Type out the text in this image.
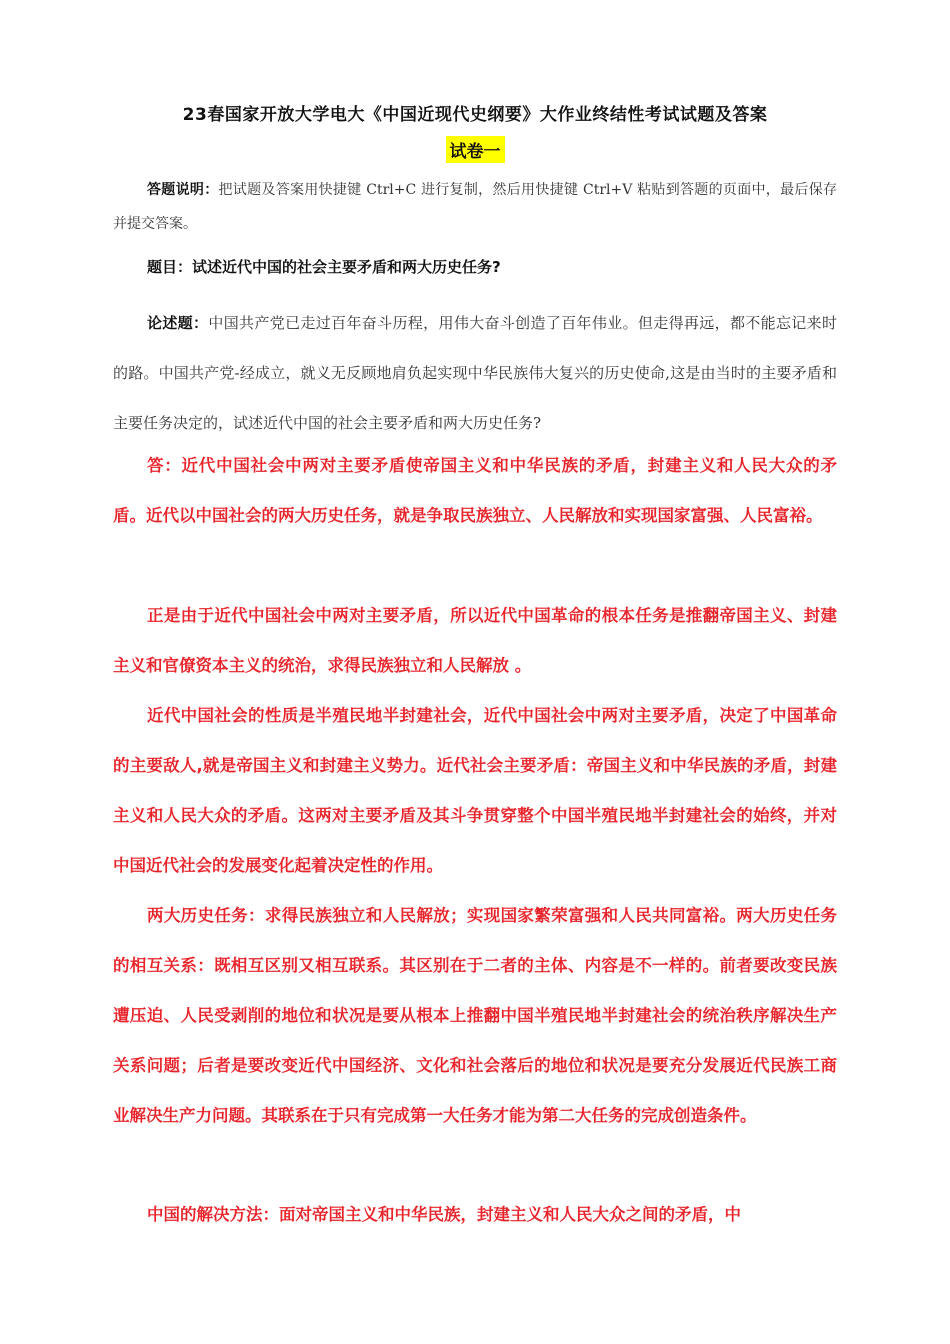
23春国家开放大学电大《中国近现代史纲要》大作业终结性考试试题及答案
试卷一

答题说明：把试题及答案用快捷键 Ctrl+C 进行复制，然后用快捷键 Ctrl+V 粘贴到答题的页面中，最后保存并提交答案。

题目：试述近代中国的社会主要矛盾和两大历史任务?

论述题：中国共产党已走过百年奋斗历程，用伟大奋斗创造了百年伟业。但走得再远，都不能忘记来时的路。中国共产党-经成立，就义无反顾地肩负起实现中华民族伟大复兴的历史使命,这是由当时的主要矛盾和主要任务决定的，试述近代中国的社会主要矛盾和两大历史任务?

答：近代中国社会中两对主要矛盾使帝国主义和中华民族的矛盾，封建主义和人民大众的矛盾。近代以中国社会的两大历史任务，就是争取民族独立、人民解放和实现国家富强、人民富裕。

正是由于近代中国社会中两对主要矛盾，所以近代中国革命的根本任务是推翻帝国主义、封建主义和官僚资本主义的统治，求得民族独立和人民解放 。

近代中国社会的性质是半殖民地半封建社会，近代中国社会中两对主要矛盾，决定了中国革命的主要敌人,就是帝国主义和封建主义势力。近代社会主要矛盾：帝国主义和中华民族的矛盾，封建主义和人民大众的矛盾。这两对主要矛盾及其斗争贯穿整个中国半殖民地半封建社会的始终，并对中国近代社会的发展变化起着决定性的作用。

两大历史任务：求得民族独立和人民解放；实现国家繁荣富强和人民共同富裕。两大历史任务的相互关系：既相互区别又相互联系。其区别在于二者的主体、内容是不一样的。前者要改变民族遭压迫、人民受剥削的地位和状况是要从根本上推翻中国半殖民地半封建社会的统治秩序解决生产关系问题；后者是要改变近代中国经济、文化和社会落后的地位和状况是要充分发展近代民族工商业解决生产力问题。其联系在于只有完成第一大任务才能为第二大任务的完成创造条件。

中国的解决方法：面对帝国主义和中华民族，封建主义和人民大众之间的矛盾，中
